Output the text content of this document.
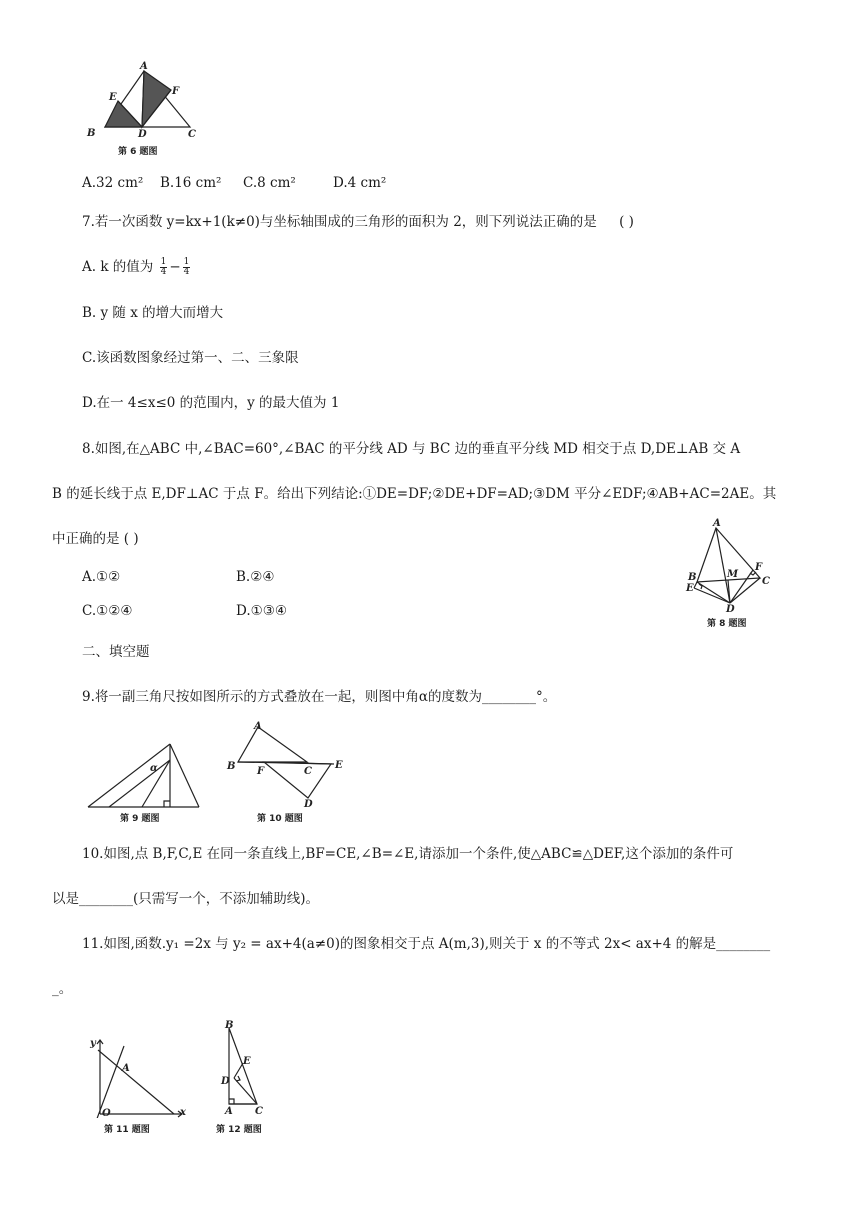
A
E
F
B	D	C
第 6 题图
A.32 cm² B.16 cm² C.8 cm²	D.4 cm²
7.若一次函数 y=kx+1(k≠0)与坐标轴围成的三角形的面积为 2，则下列说法正确的是 ( )
A. k 的值为 $\frac{1}{4} - \frac{1}{4}$
B. y 随 x 的增大而增大
C.该函数图象经过第一、二、三象限
D.在一 4≤x≤0 的范围内，y 的最大值为 1
8.如图,在△ABC 中,∠BAC=60°,∠BAC 的平分线 AD 与 BC 边的垂直平分线 MD 相交于点 D,DE⊥AB 交 A
B 的延长线于点 E,DF⊥AC 于点 F。给出下列结论:①DE=DF;②DE+DF=AD;③DM 平分∠EDF;④AB+AC=2AE。其
中正确的是 ( )
A.①②	B.②④
C.①②④	D.①③④
A
B
E
M
F
C
D
第 8 题图
二、填空题
9.将一副三角尺按如图所示的方式叠放在一起，则图中角α的度数为________°。
α
第 9 题图
A
B F	C
E
D
第 10 题图
10.如图,点 B,F,C,E 在同一条直线上,BF=CE,∠B=∠E,请添加一个条件,使△ABC≌△DEF,这个添加的条件可
以是________(只需写一个，不添加辅助线)。
11.如图,函数.y₁ =2x 与 y₂ = ax+4(a≠0)的图象相交于点 A(m,3),则关于 x 的不等式 2x< ax+4 的解是________
_。
y
A
O	x
第 11 题图
B
E
D
A C
第 12 题图
